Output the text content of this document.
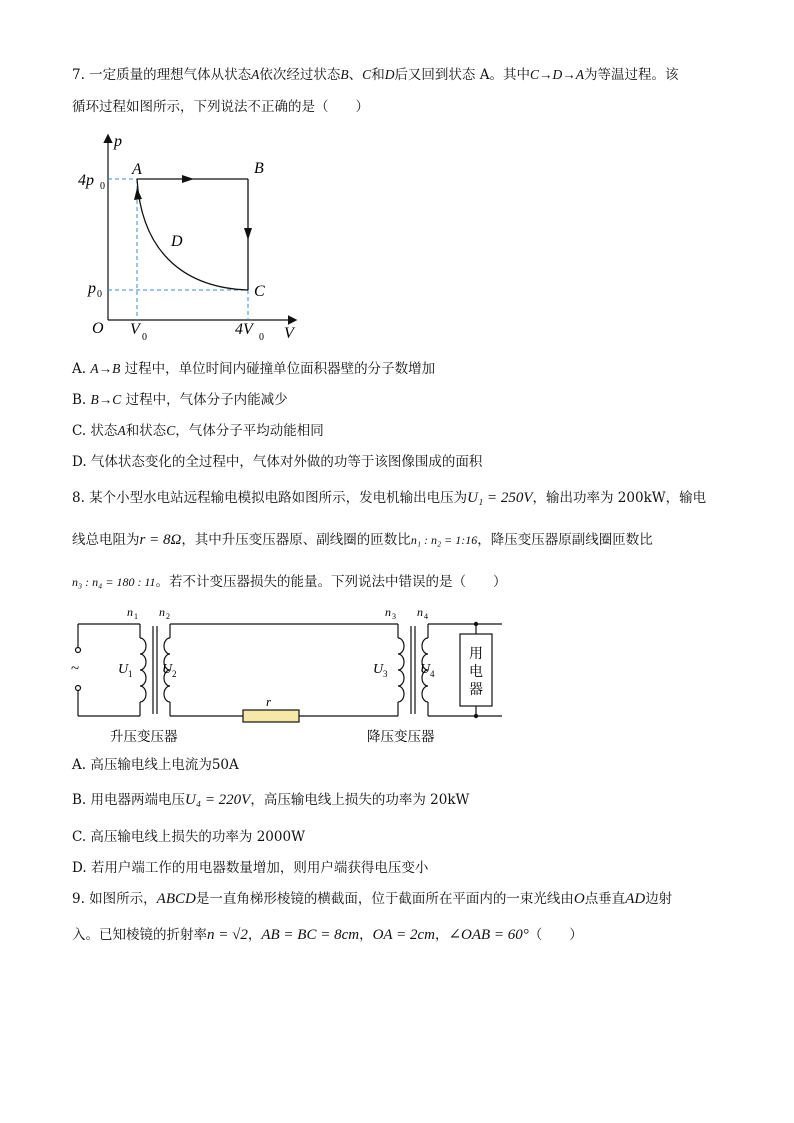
7. 一定质量的理想气体从状态A依次经过状态B、C和D后又回到状态 A。其中C→D→A为等温过程。该
循环过程如图所示，下列说法不正确的是（　　）
p
V
O
4p 0
p 0
V 0	4V 0
A	B
C
D
A. A→B 过程中，单位时间内碰撞单位面积器壁的分子数增加
B. B→C 过程中，气体分子内能减少
C. 状态A和状态C，气体分子平均动能相同
D. 气体状态变化的全过程中，气体对外做的功等于该图像围成的面积
8. 某个小型水电站远程输电模拟电路如图所示，发电机输出电压为U₁ = 250V，输出功率为 200kW，输电
线总电阻为r = 8Ω，其中升压变压器原、副线圈的匝数比n₁ : n₂ = 1:16，降压变压器原副线圈匝数比
n₃ : n₄ = 180 : 11。若不计变压器损失的能量。下列说法中错误的是（　　）
r
~
n 1 n 2	n 3 n 4
U 1 U 2	U 3 U 4
用
电
器
升压变压器	降压变压器
A. 高压输电线上电流为50A
B. 用电器两端电压U₄ = 220V，高压输电线上损失的功率为 20kW
C. 高压输电线上损失的功率为 2000W
D. 若用户端工作的用电器数量增加，则用户端获得电压变小
9. 如图所示，ABCD是一直角梯形棱镜的横截面，位于截面所在平面内的一束光线由O点垂直AD边射
入。已知棱镜的折射率n = √2，AB = BC = 8cm，OA = 2cm，∠OAB = 60°（　　）
